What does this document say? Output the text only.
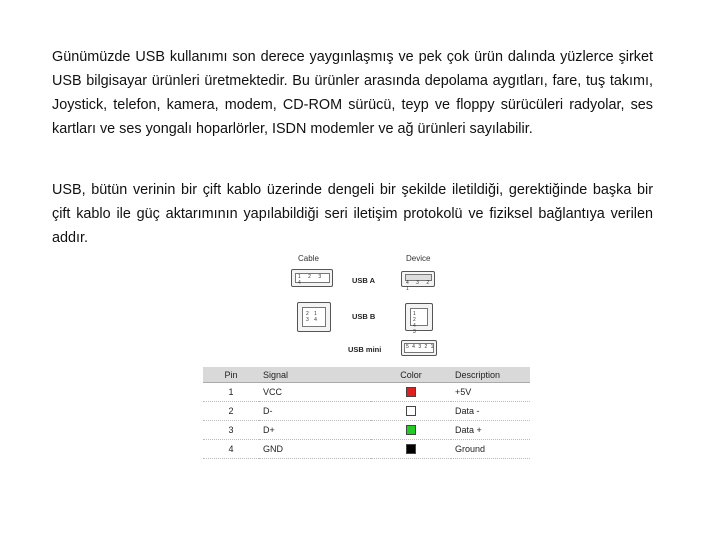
Günümüzde USB kullanımı son derece yaygınlaşmış ve pek çok ürün dalında yüzlerce şirket USB bilgisayar ürünleri üretmektedir. Bu ürünler arasında depolama aygıtları, fare, tuş takımı, Joystick, telefon, kamera, modem, CD-ROM sürücü, teyp ve floppy sürücüleri radyolar, ses kartları ve ses yongalı hoparlörler, ISDN modemler ve ağ ürünleri sayılabilir.

USB, bütün verinin bir çift kablo üzerinde dengeli bir şekilde iletildiği, gerektiğinde başka bir çift kablo ile güç aktarımının yapılabildiği seri iletişim protokolü ve fiziksel bağlantıya verilen addır.

Cable	Device
1 2 3 4	USB A	4 3 2 1
2 1 3 4	USB B	1 2 4 3
USB mini	5 4 3 2 1
Pin	Signal	Color	Description
1	VCC		+5V
2	D-		Data -
3	D+		Data +
4	GND		Ground
